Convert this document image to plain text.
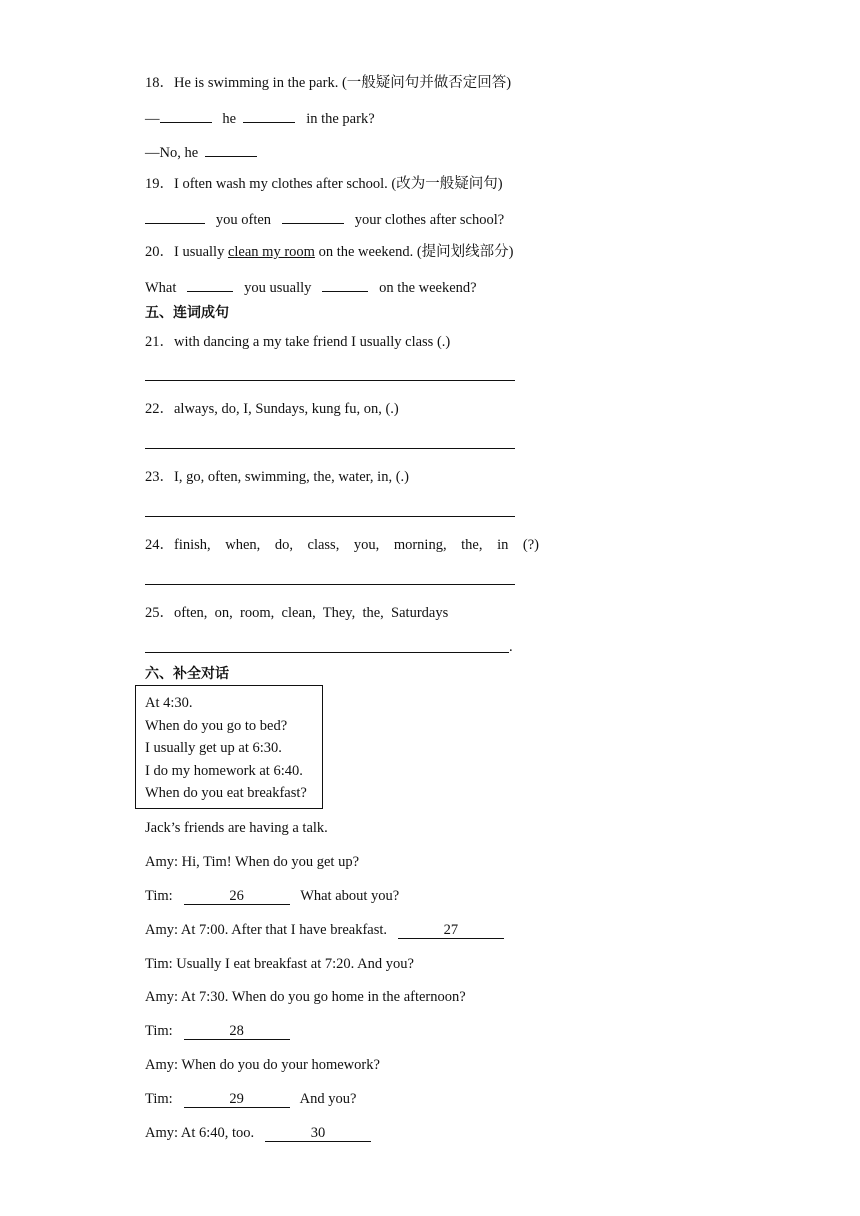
18．He is swimming in the park. (一般疑问句并做否定回答)
—	he	in the park?
—No, he
19．I often wash my clothes after school. (改为一般疑问句)
you often	your clothes after school?
20．I usually clean my room on the weekend. (提问划线部分)
What	you usually	on the weekend?
五、连词成句
21．with dancing a my take friend I usually class (.)
22．always, do, I, Sundays, kung fu, on, (.)
23．I, go, often, swimming, the, water, in, (.)
24．finish, when, do, class, you, morning, the, in (?)
25．often,  on,  room,  clean,  They,  the,  Saturdays
.
六、补全对话
At 4:30.
When do you go to bed?
I usually get up at 6:30.
I do my homework at 6:40.
When do you eat breakfast?
Jack’s friends are having a talk.
Amy: Hi, Tim! When do you get up?
Tim:	26	What about you?
Amy: At 7:00. After that I have breakfast.	27
Tim: Usually I eat breakfast at 7:20. And you?
Amy: At 7:30. When do you go home in the afternoon?
Tim:	28
Amy: When do you do your homework?
Tim:	29	And you?
Amy: At 6:40, too.	30
